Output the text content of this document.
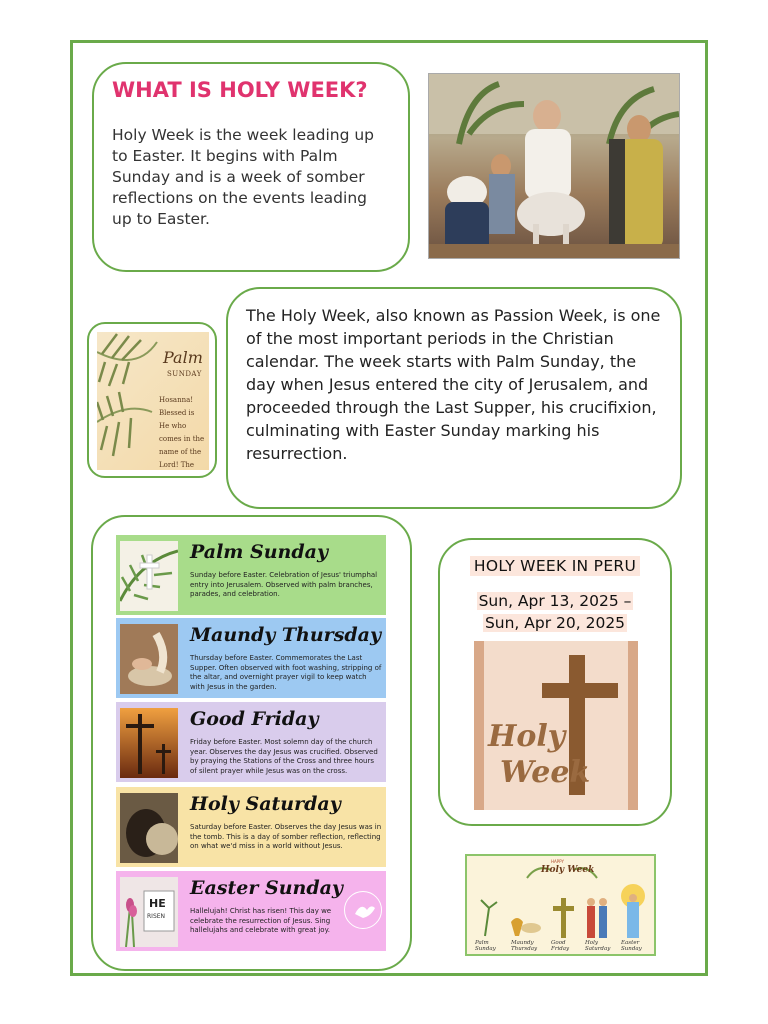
WHAT IS HOLY WEEK?

Holy Week is the week leading up to Easter. It begins with Palm Sunday and is a week of somber reflections on the events leading up to Easter.

Palm
SUNDAY
Hosanna! Blessed is He who comes in the name of the Lord! The

The Holy Week, also known as Passion Week, is one of the most important periods in the Christian calendar. The week starts with Palm Sunday, the day when Jesus entered the city of Jerusalem, and proceeded through the Last Supper, his crucifixion, culminating with Easter Sunday marking his resurrection.

Palm Sunday
Sunday before Easter. Celebration of Jesus' triumphal entry into Jerusalem. Observed with palm branches, parades, and celebration.
Maundy Thursday
Thursday before Easter. Commemorates the Last Supper. Often observed with foot washing, stripping of the altar, and overnight prayer vigil to keep watch with Jesus in the garden.
Good Friday
Friday before Easter. Most solemn day of the church year. Observes the day Jesus was crucified. Observed by praying the Stations of the Cross and three hours of silent prayer while Jesus was on the cross.
Holy Saturday
Saturday before Easter. Observes the day Jesus was in the tomb. This is a day of somber reflection, reflecting on what we'd miss in a world without Jesus.
HE
RISEN
Easter Sunday
Hallelujah! Christ has risen! This day we celebrate the resurrection of Jesus. Sing hallelujahs and celebrate with great joy.
HOLY WEEK IN PERU
Sun, Apr 13, 2025 –
Sun, Apr 20, 2025
Holy
Week
HAPPY
Holy Week
Palm Sunday
Maundy Thursday
Good Friday
Holy Saturday
Easter Sunday
